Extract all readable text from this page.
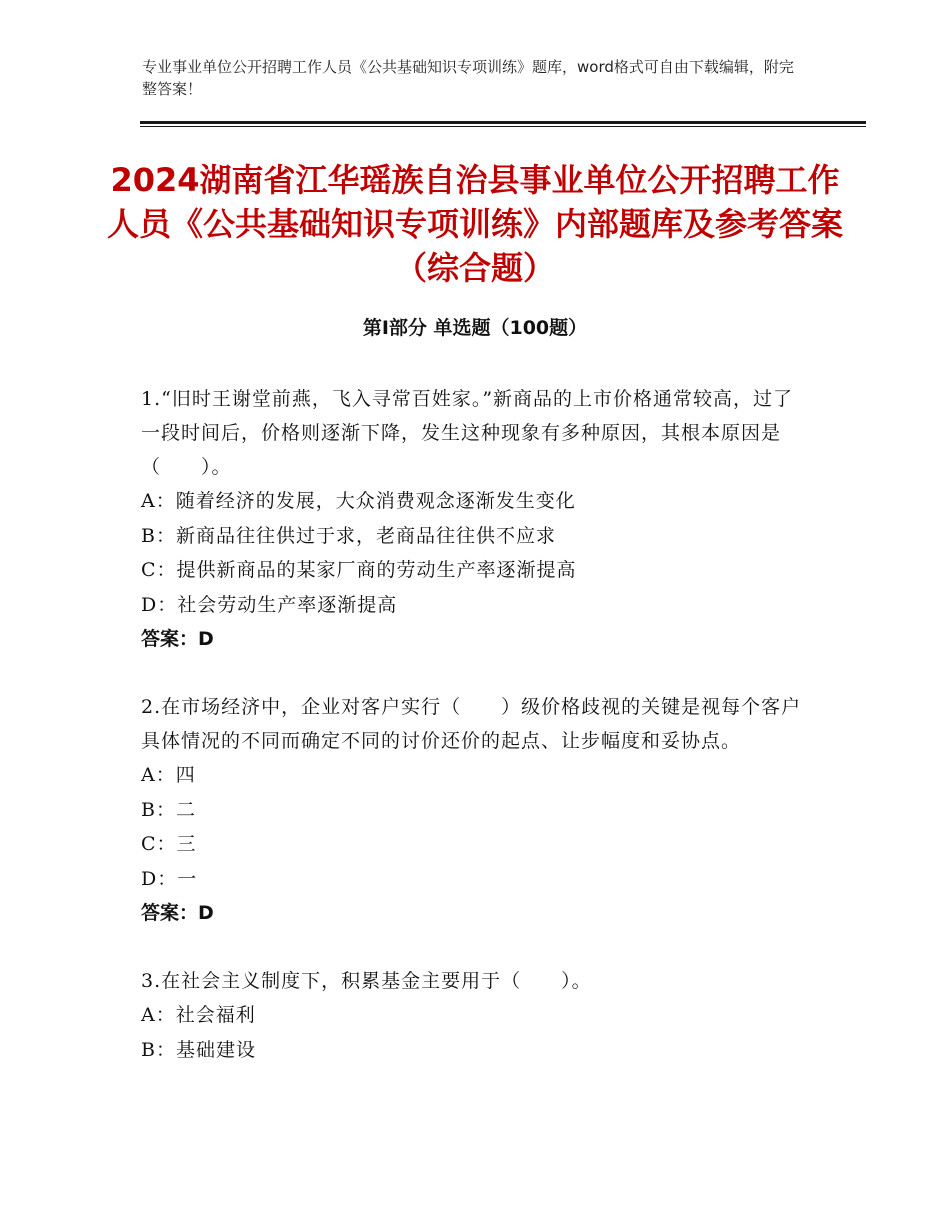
专业事业单位公开招聘工作人员《公共基础知识专项训练》题库，word格式可自由下载编辑，附完整答案！
2024湖南省江华瑶族自治县事业单位公开招聘工作人员《公共基础知识专项训练》内部题库及参考答案（综合题）
第Ⅰ部分 单选题（100题）

1.“旧时王谢堂前燕，飞入寻常百姓家。”新商品的上市价格通常较高，过了一段时间后，价格则逐渐下降，发生这种现象有多种原因，其根本原因是（　　）。

A：随着经济的发展，大众消费观念逐渐发生变化

B：新商品往往供过于求，老商品往往供不应求

C：提供新商品的某家厂商的劳动生产率逐渐提高

D：社会劳动生产率逐渐提高

答案：D

2.在市场经济中，企业对客户实行（　　）级价格歧视的关键是视每个客户具体情况的不同而确定不同的讨价还价的起点、让步幅度和妥协点。

A：四

B：二

C：三

D：一

答案：D

3.在社会主义制度下，积累基金主要用于（　　）。

A：社会福利

B：基础建设
